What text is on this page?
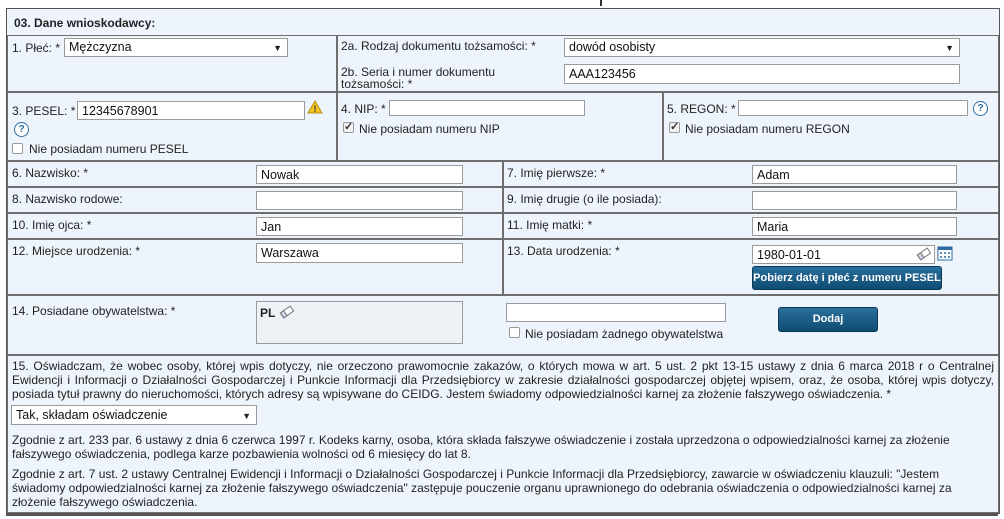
03. Dane wnioskodawcy:
1. Płeć: * Mężczyzna	▼	2a. Rodzaj dokumentu tożsamości: *	dowód osobisty	▼
2b. Seria i numer dokumentu
tożsamości: *
AAA123456
3. PESEL: * 12345678901	!
?
Nie posiadam numeru PESEL
4. NIP: *
✓
Nie posiadam numeru NIP
5. REGON: *	?
✓
Nie posiadam numeru REGON
6. Nazwisko: *	Nowak	7. Imię pierwsze: *	Adam
8. Nazwisko rodowe:	9. Imię drugie (o ile posiada):
10. Imię ojca: *	Jan	11. Imię matki: *	Maria
12. Miejsce urodzenia: *	Warszawa	13. Data urodzenia: *	1980-01-01
Pobierz datę i płeć z numeru PESEL
14. Posiadane obywatelstwa: *	PL
Nie posiadam żadnego obywatelstwa
Dodaj
15. Oświadczam, że wobec osoby, której wpis dotyczy, nie orzeczono prawomocnie zakazów, o których mowa w art. 5 ust. 2 pkt 13-15 ustawy z dnia 6 marca 2018 r o Centralnej Ewidencji i Informacji o Działalności Gospodarczej i Punkcie Informacji dla Przedsiębiorcy w zakresie działalności gospodarczej objętej wpisem, oraz, że osoba, której wpis dotyczy, posiada tytuł prawny do nieruchomości, których adresy są wpisywane do CEIDG. Jestem świadomy odpowiedzialności karnej za złożenie fałszywego oświadczenia. *
Tak, składam oświadczenie	▼
Zgodnie z art. 233 par. 6 ustawy z dnia 6 czerwca 1997 r. Kodeks karny, osoba, która składa fałszywe oświadczenie i została uprzedzona o odpowiedzialności karnej za złożenie fałszywego oświadczenia, podlega karze pozbawienia wolności od 6 miesięcy do lat 8.
Zgodnie z art. 7 ust. 2 ustawy Centralnej Ewidencji i Informacji o Działalności Gospodarczej i Punkcie Informacji dla Przedsiębiorcy, zawarcie w oświadczeniu klauzuli: "Jestem świadomy odpowiedzialności karnej za złożenie fałszywego oświadczenia" zastępuje pouczenie organu uprawnionego do odebrania oświadczenia o odpowiedzialności karnej za złożenie fałszywego oświadczenia.
